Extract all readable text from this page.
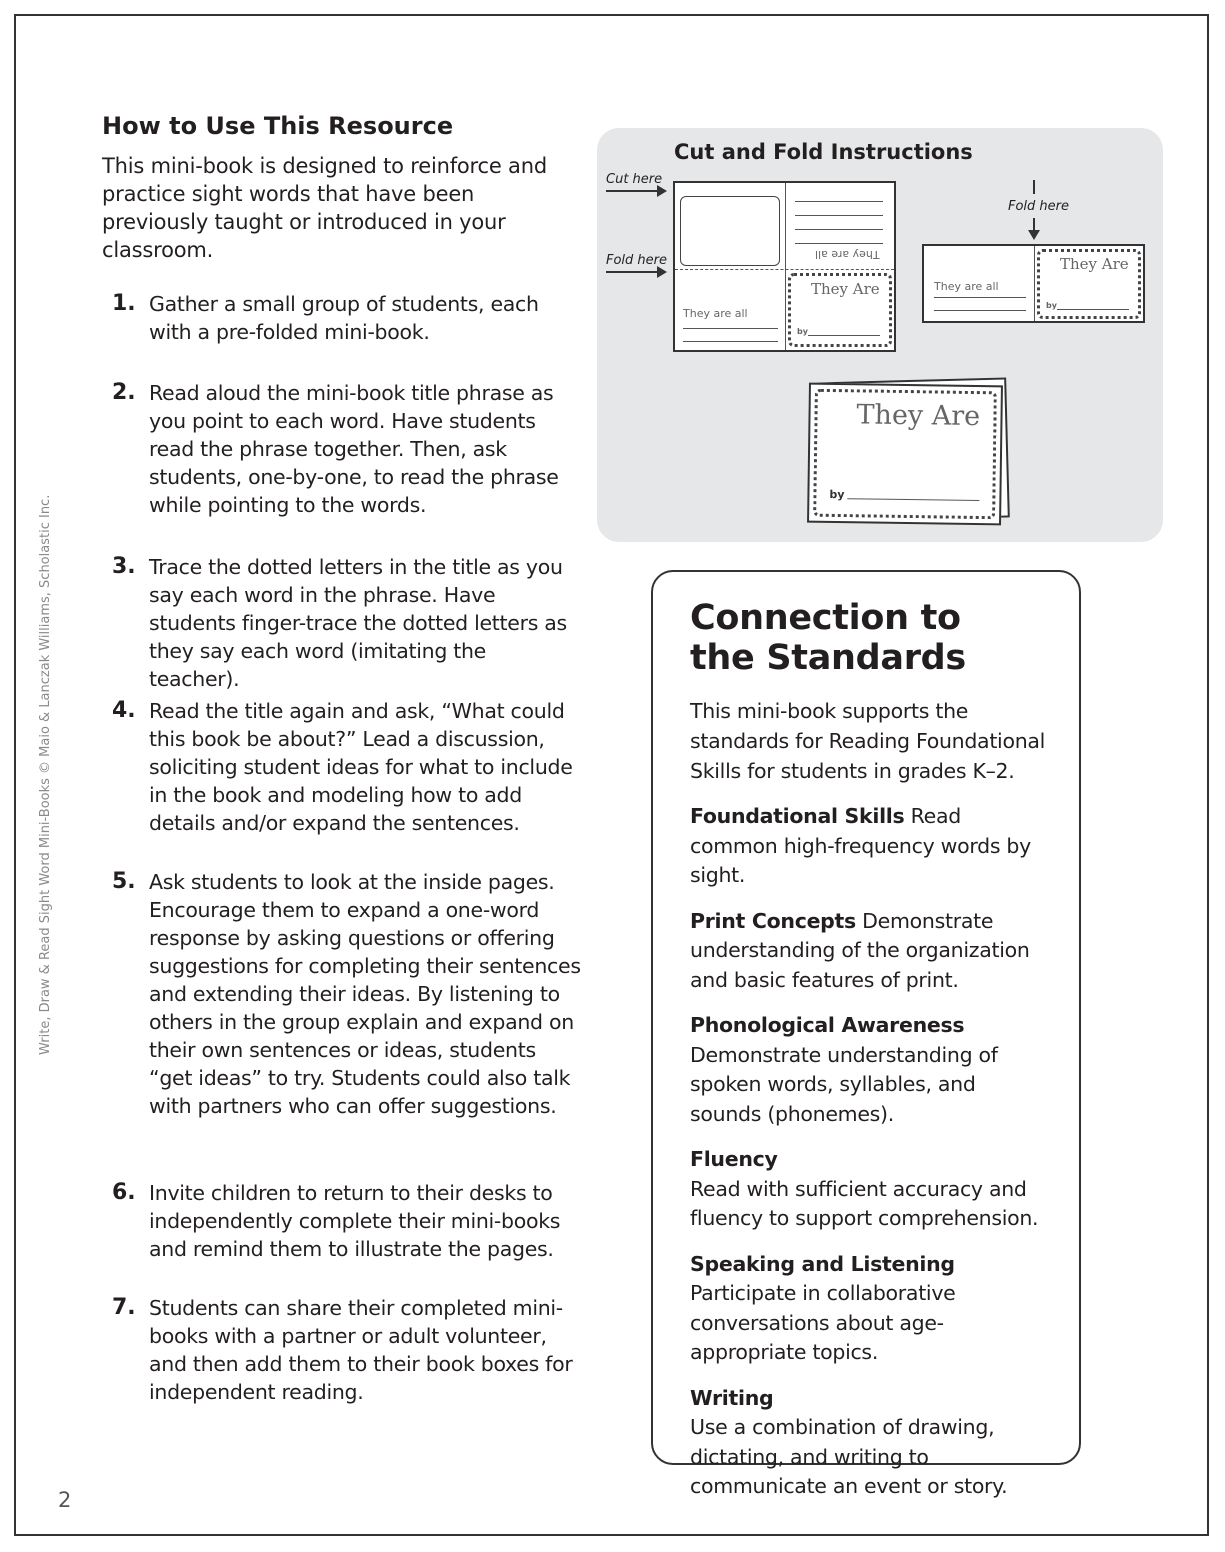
Write, Draw & Read Sight Word Mini-Books © Maio & Lanczak Williams, Scholastic Inc.
2
How to Use This Resource

This mini-book is designed to reinforce and practice sight words that have been previously taught or introduced in your classroom.

1. Gather a small group of students, each with a pre-folded mini-book.
2. Read aloud the mini-book title phrase as you point to each word. Have students read the phrase together. Then, ask students, one-by-one, to read the phrase while pointing to the words.
3. Trace the dotted letters in the title as you say each word in the phrase. Have students finger-trace the dotted letters as they say each word (imitating the teacher).
4. Read the title again and ask, “What could this book be about?” Lead a discussion, soliciting student ideas for what to include in the book and modeling how to add details and/or expand the sentences.
5. Ask students to look at the inside pages. Encourage them to expand a one-word response by asking questions or offering suggestions for completing their sentences and extending their ideas. By listening to others in the group explain and expand on their own sentences or ideas, students “get ideas” to try. Students could also talk with partners who can offer suggestions.
6. Invite children to return to their desks to independently complete their mini-books and remind them to illustrate the pages.
7. Students can share their completed mini-books with a partner or adult volunteer, and then add them to their book boxes for independent reading.
Cut and Fold Instructions
Cut here
Fold here	They are all
They are all
They Are
by
Fold here
They are all
They Are
by
They Are
by
Connection to
the Standards

This mini-book supports the standards for Reading Foundational Skills for students in grades K–2.

Foundational Skills Read common high-frequency words by sight.

Print Concepts Demonstrate understanding of the organization and basic features of print.

Phonological Awareness
Demonstrate understanding of spoken words, syllables, and sounds (phonemes).

Fluency
Read with sufficient accuracy and fluency to support comprehension.

Speaking and Listening Participate in collaborative conversations about age-appropriate topics.

Writing
Use a combination of drawing, dictating, and writing to communicate an event or story.
